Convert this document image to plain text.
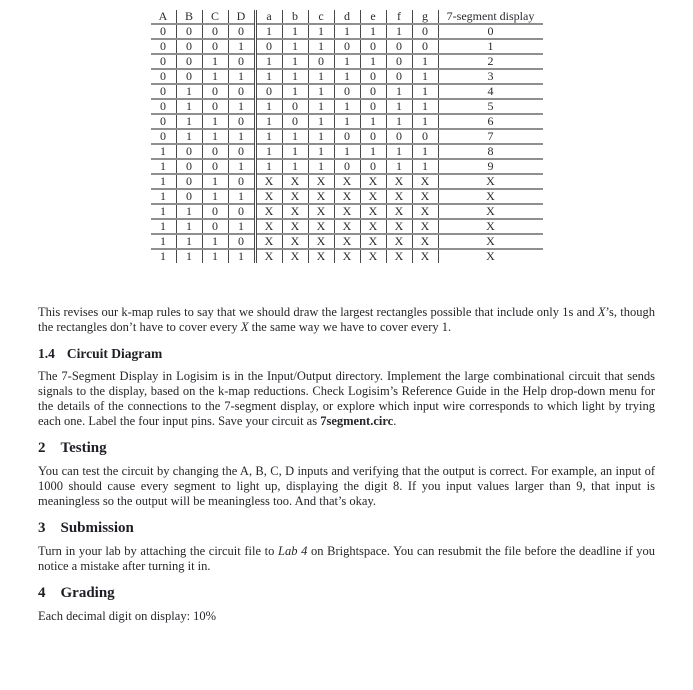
A	B	C	D	a	b	c	d	e	f	g	7-segment display
0	0	0	0	1	1	1	1	1	1	0	0
0	0	0	1	0	1	1	0	0	0	0	1
0	0	1	0	1	1	0	1	1	0	1	2
0	0	1	1	1	1	1	1	0	0	1	3
0	1	0	0	0	1	1	0	0	1	1	4
0	1	0	1	1	0	1	1	0	1	1	5
0	1	1	0	1	0	1	1	1	1	1	6
0	1	1	1	1	1	1	0	0	0	0	7
1	0	0	0	1	1	1	1	1	1	1	8
1	0	0	1	1	1	1	0	0	1	1	9
1	0	1	0	X	X	X	X	X	X	X	X
1	0	1	1	X	X	X	X	X	X	X	X
1	1	0	0	X	X	X	X	X	X	X	X
1	1	0	1	X	X	X	X	X	X	X	X
1	1	1	0	X	X	X	X	X	X	X	X
1	1	1	1	X	X	X	X	X	X	X	X

This revises our k-map rules to say that we should draw the largest rectangles possible that include only 1s and X’s, though the rectangles don’t have to cover every X the same way we have to cover every 1.

1.4 Circuit Diagram

The 7-Segment Display in Logisim is in the Input/Output directory. Implement the large combinational circuit that sends signals to the display, based on the k-map reductions. Check Logisim’s Reference Guide in the Help drop-down menu for the details of the connections to the 7-segment display, or explore which input wire corresponds to which light by trying each one. Label the four input pins. Save your circuit as 7segment.circ.

2 Testing

You can test the circuit by changing the A, B, C, D inputs and verifying that the output is correct. For example, an input of 1000 should cause every segment to light up, displaying the digit 8. If you input values larger than 9, that input is meaningless so the output will be meaningless too. And that’s okay.

3 Submission

Turn in your lab by attaching the circuit file to Lab 4 on Brightspace. You can resubmit the file before the deadline if you notice a mistake after turning it in.

4 Grading

Each decimal digit on display: 10%
